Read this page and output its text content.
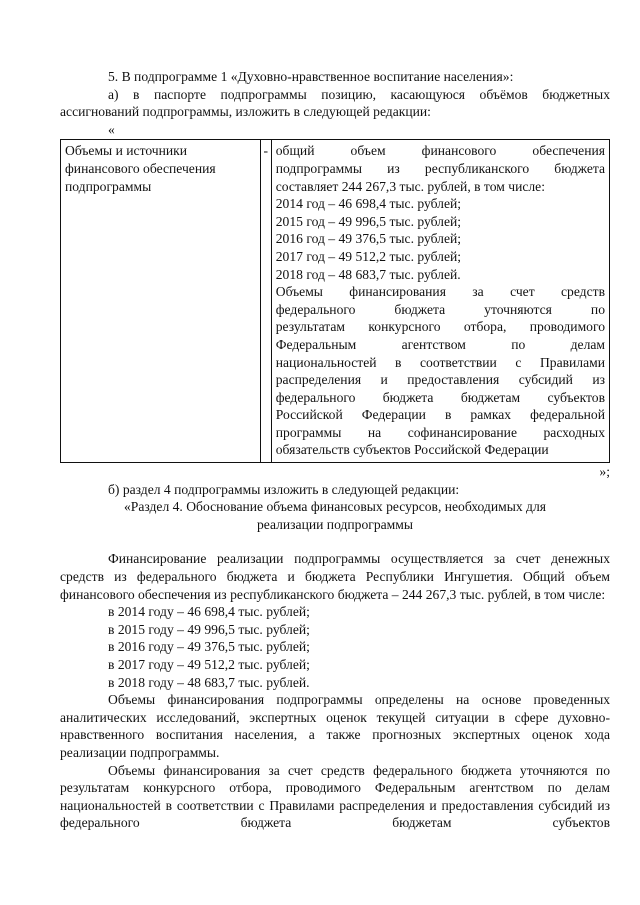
5. В подпрограмме 1 «Духовно-нравственное воспитание населения»:

а) в паспорте подпрограммы позицию, касающуюся объёмов бюджетных ассигнований подпрограммы, изложить в следующей редакции:

«

Объемы и источники
финансового обеспечения
подпрограммы
	-	общий объем финансового обеспечения
подпрограммы из республиканского бюджета
составляет 244 267,3 тыс. рублей, в том числе:
2014 год – 46 698,4 тыс. рублей;
2015 год – 49 996,5 тыс. рублей;
2016 год – 49 376,5 тыс. рублей;
2017 год – 49 512,2 тыс. рублей;
2018 год – 48 683,7 тыс. рублей.
Объемы финансирования за счет средств
федерального бюджета уточняются по
результатам конкурсного отбора, проводимого
Федеральным агентством по делам
национальностей в соответствии с Правилами
распределения и предоставления субсидий из
федерального бюджета бюджетам субъектов
Российской Федерации в рамках федеральной
программы на софинансирование расходных
обязательств субъектов Российской Федерации

»;

б) раздел 4 подпрограммы изложить в следующей редакции:

«Раздел 4. Обоснование объема финансовых ресурсов, необходимых для
реализации подпрограммы

Финансирование реализации подпрограммы осуществляется за счет денежных средств из федерального бюджета и бюджета Республики Ингушетия. Общий объем финансового обеспечения из республиканского бюджета – 244 267,3 тыс. рублей, в том числе:

в 2014 году – 46 698,4 тыс. рублей;

в 2015 году – 49 996,5 тыс. рублей;

в 2016 году – 49 376,5 тыс. рублей;

в 2017 году – 49 512,2 тыс. рублей;

в 2018 году – 48 683,7 тыс. рублей.

Объемы финансирования подпрограммы определены на основе проведенных аналитических исследований, экспертных оценок текущей ситуации в сфере духовно-нравственного воспитания населения, а также прогнозных экспертных оценок хода реализации подпрограммы.

Объемы финансирования за счет средств федерального бюджета уточняются по результатам конкурсного отбора, проводимого Федеральным агентством по делам национальностей в соответствии с Правилами распределения и предоставления субсидий из федерального бюджета бюджетам субъектов
